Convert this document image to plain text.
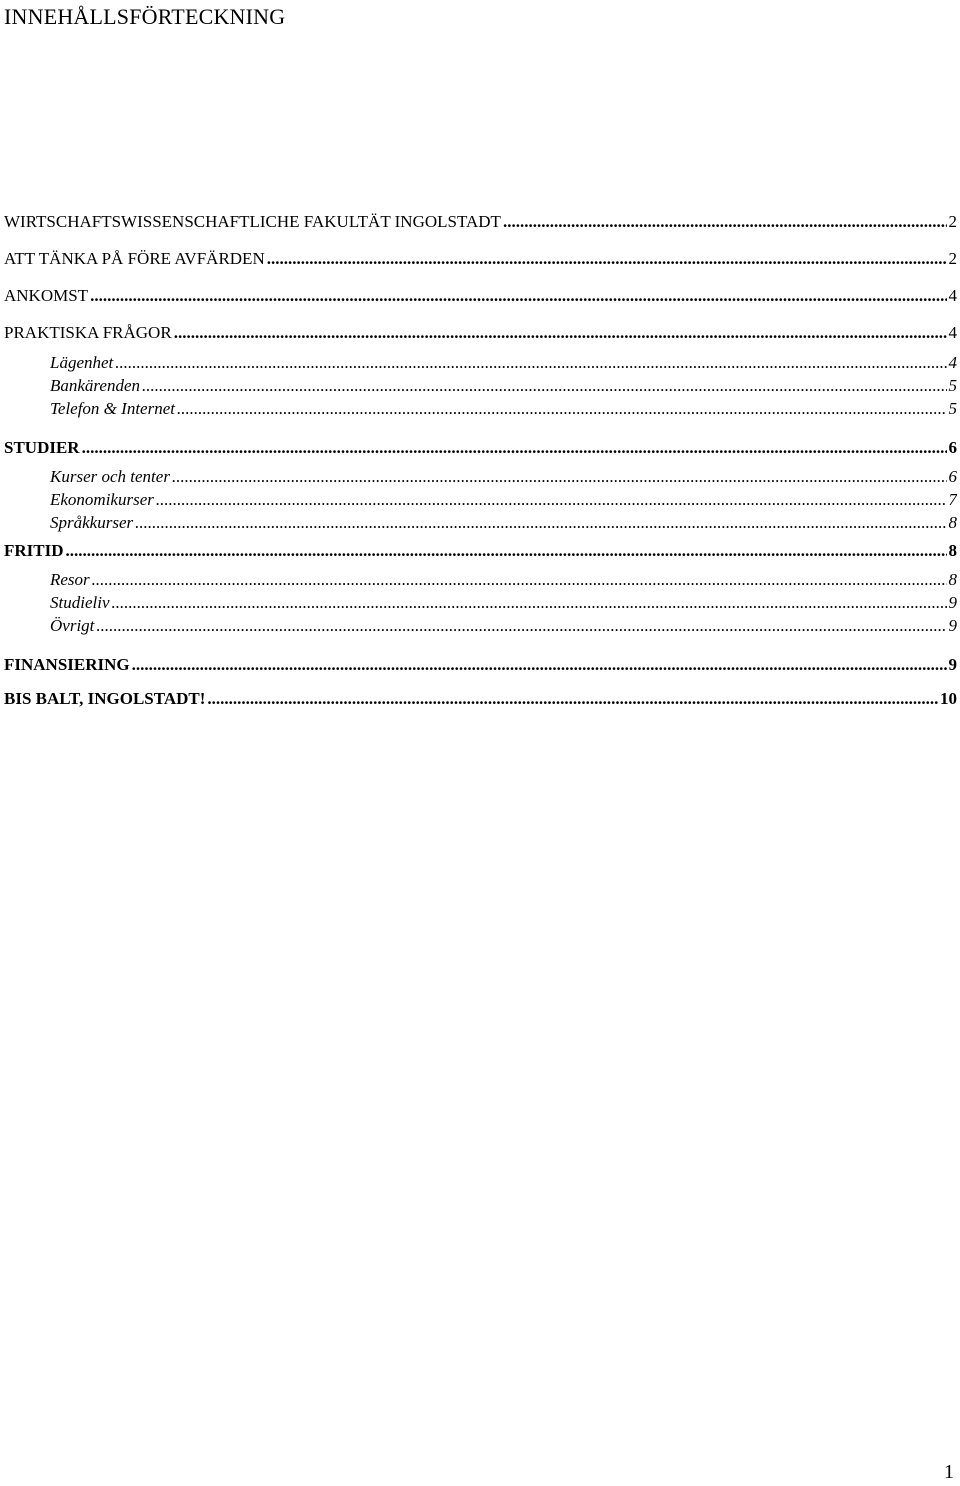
INNEHÅLLSFÖRTECKNING
WIRTSCHAFTSWISSENSCHAFTLICHE FAKULTÄT INGOLSTADT .....	2
ATT TÄNKA PÅ FÖRE AVFÄRDEN .....	2
ANKOMST .....	4
PRAKTISKA FRÅGOR .....	4
Lägenhet .....	4
Bankärenden .....	5
Telefon & Internet .....	5
STUDIER .....	6
Kurser och tenter .....	6
Ekonomikurser .....	7
Språkkurser .....	8
FRITID .....	8
Resor .....	8
Studieliv .....	9
Övrigt .....	9
FINANSIERING .....	9
BIS BALT, INGOLSTADT! .....	10
1
